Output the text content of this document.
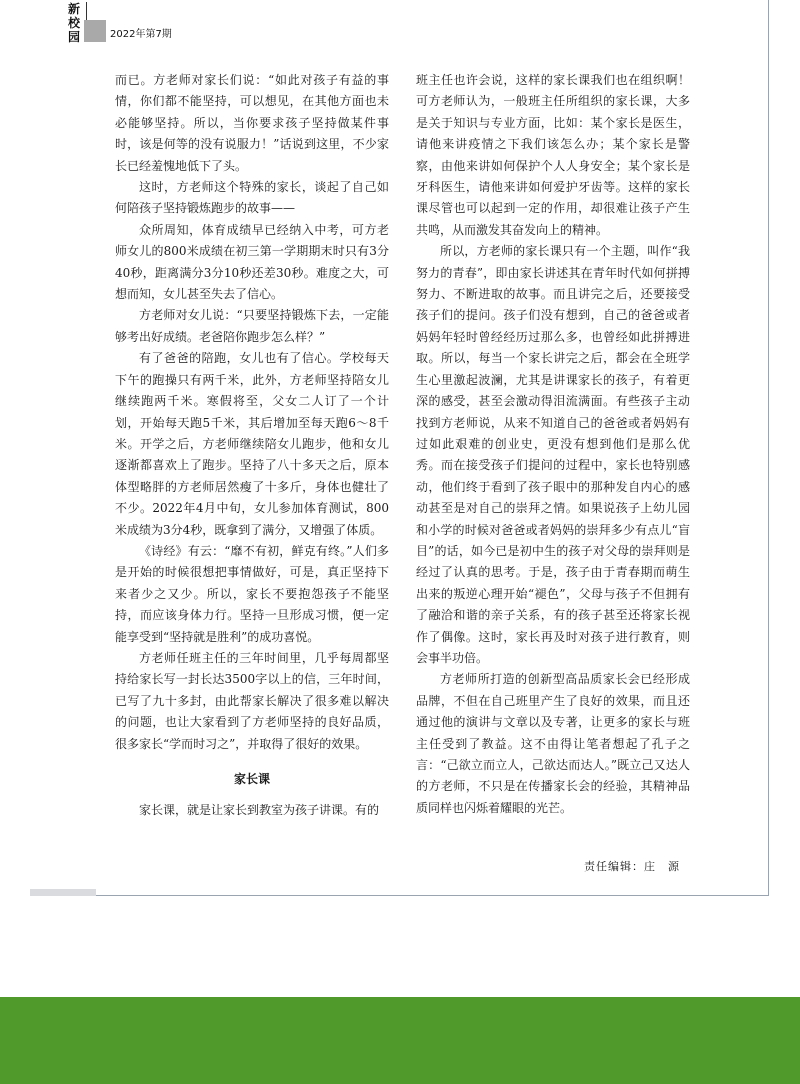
新
校
园	2022年第7期

而已。方老师对家长们说：“如此对孩子有益的事情，你们都不能坚持，可以想见，在其他方面也未必能够坚持。所以，当你要求孩子坚持做某件事时，该是何等的没有说服力！”话说到这里，不少家长已经羞愧地低下了头。

这时，方老师这个特殊的家长，谈起了自己如何陪孩子坚持锻炼跑步的故事——

众所周知，体育成绩早已经纳入中考，可方老师女儿的800米成绩在初三第一学期期末时只有3分40秒，距离满分3分10秒还差30秒。难度之大，可想而知，女儿甚至失去了信心。

方老师对女儿说：“只要坚持锻炼下去，一定能够考出好成绩。老爸陪你跑步怎么样？”

有了爸爸的陪跑，女儿也有了信心。学校每天下午的跑操只有两千米，此外，方老师坚持陪女儿继续跑两千米。寒假将至，父女二人订了一个计划，开始每天跑5千米，其后增加至每天跑6～8千米。开学之后，方老师继续陪女儿跑步，他和女儿逐渐都喜欢上了跑步。坚持了八十多天之后，原本体型略胖的方老师居然瘦了十多斤，身体也健壮了不少。2022年4月中旬，女儿参加体育测试，800米成绩为3分4秒，既拿到了满分，又增强了体质。

《诗经》有云：“靡不有初，鲜克有终。”人们多是开始的时候很想把事情做好，可是，真正坚持下来者少之又少。所以，家长不要抱怨孩子不能坚持，而应该身体力行。坚持一旦形成习惯，便一定能享受到“坚持就是胜利”的成功喜悦。

方老师任班主任的三年时间里，几乎每周都坚持给家长写一封长达3500字以上的信，三年时间，已写了九十多封，由此帮家长解决了很多难以解决的问题，也让大家看到了方老师坚持的良好品质，很多家长“学而时习之”，并取得了很好的效果。

家长课

家长课，就是让家长到教室为孩子讲课。有的

班主任也许会说，这样的家长课我们也在组织啊！可方老师认为，一般班主任所组织的家长课，大多是关于知识与专业方面，比如：某个家长是医生，请他来讲疫情之下我们该怎么办；某个家长是警察，由他来讲如何保护个人人身安全；某个家长是牙科医生，请他来讲如何爱护牙齿等。这样的家长课尽管也可以起到一定的作用，却很难让孩子产生共鸣，从而激发其奋发向上的精神。

所以，方老师的家长课只有一个主题，叫作“我努力的青春”，即由家长讲述其在青年时代如何拼搏努力、不断进取的故事。而且讲完之后，还要接受孩子们的提问。孩子们没有想到，自己的爸爸或者妈妈年轻时曾经经历过那么多，也曾经如此拼搏进取。所以，每当一个家长讲完之后，都会在全班学生心里激起波澜，尤其是讲课家长的孩子，有着更深的感受，甚至会激动得泪流满面。有些孩子主动找到方老师说，从来不知道自己的爸爸或者妈妈有过如此艰难的创业史，更没有想到他们是那么优秀。而在接受孩子们提问的过程中，家长也特别感动，他们终于看到了孩子眼中的那种发自内心的感动甚至是对自己的崇拜之情。如果说孩子上幼儿园和小学的时候对爸爸或者妈妈的崇拜多少有点儿“盲目”的话，如今已是初中生的孩子对父母的崇拜则是经过了认真的思考。于是，孩子由于青春期而萌生出来的叛逆心理开始“褪色”，父母与孩子不但拥有了融洽和谐的亲子关系，有的孩子甚至还将家长视作了偶像。这时，家长再及时对孩子进行教育，则会事半功倍。

方老师所打造的创新型高品质家长会已经形成品牌，不但在自己班里产生了良好的效果，而且还通过他的演讲与文章以及专著，让更多的家长与班主任受到了教益。这不由得让笔者想起了孔子之言：“己欲立而立人，己欲达而达人。”既立己又达人的方老师，不只是在传播家长会的经验，其精神品质同样也闪烁着耀眼的光芒。

责任编辑：庄　源
